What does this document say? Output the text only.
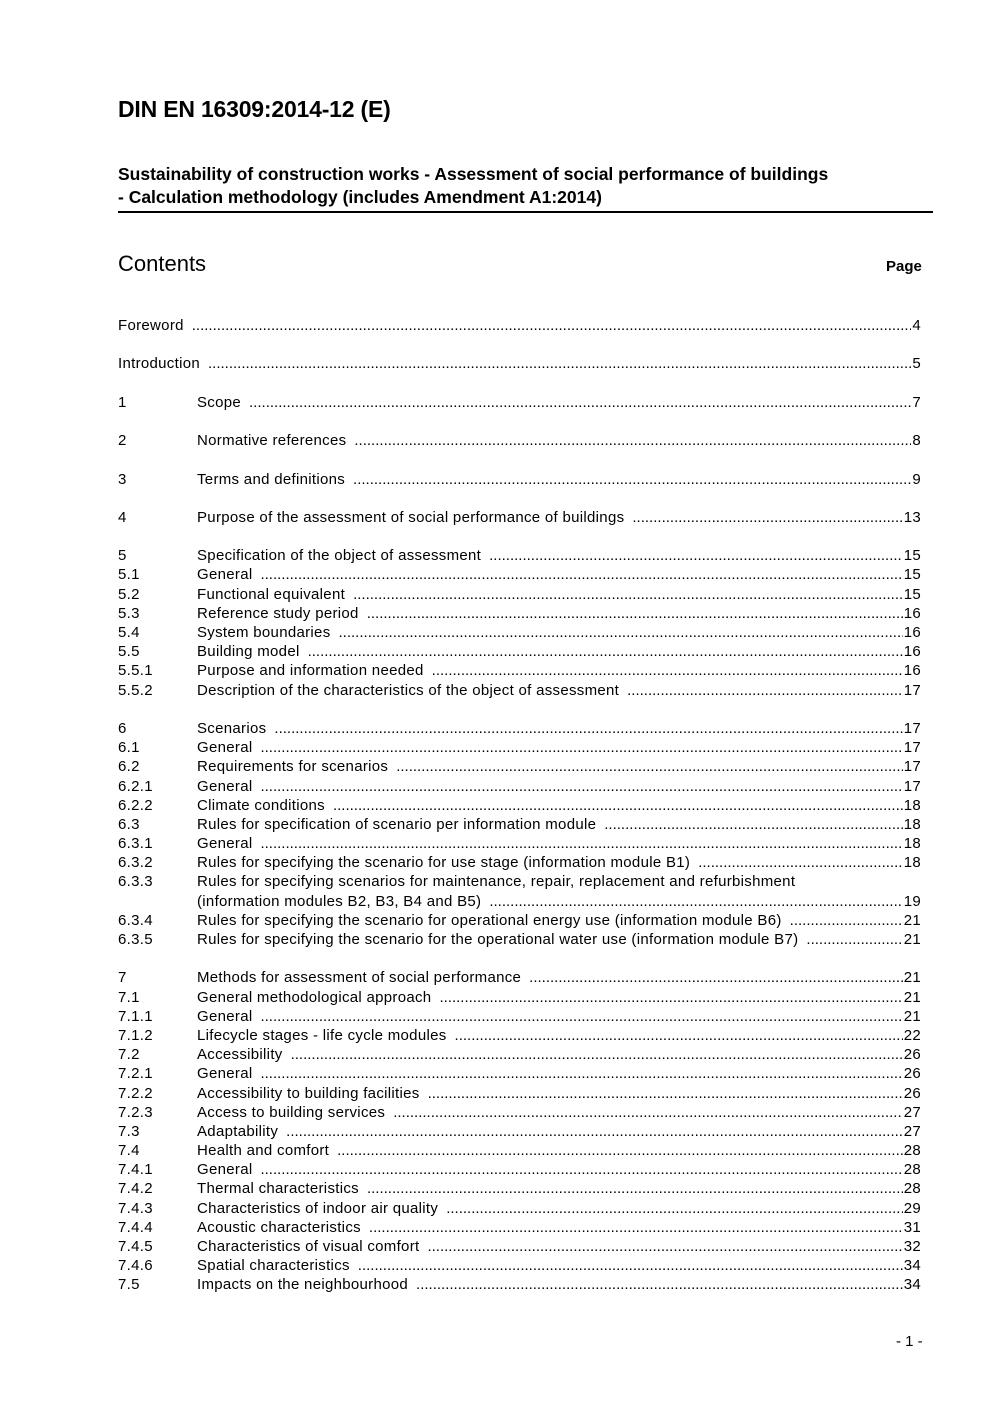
DIN EN 16309:2014-12 (E)
Sustainability of construction works - Assessment of social performance of buildings
- Calculation methodology (includes Amendment A1:2014)
Contents	Page
Foreword .....	4
Introduction .....	5
1	Scope .....	7
2	Normative references .....	8
3	Terms and definitions .....	9
4	Purpose of the assessment of social performance of buildings .....	13
5	Specification of the object of assessment .....	15
5.1	General .....	15
5.2	Functional equivalent .....	15
5.3	Reference study period .....	16
5.4	System boundaries .....	16
5.5	Building model .....	16
5.5.1	Purpose and information needed .....	16
5.5.2	Description of the characteristics of the object of assessment .....	17
6	Scenarios .....	17
6.1	General .....	17
6.2	Requirements for scenarios .....	17
6.2.1	General .....	17
6.2.2	Climate conditions .....	18
6.3	Rules for specification of scenario per information module .....	18
6.3.1	General .....	18
6.3.2	Rules for specifying the scenario for use stage (information module B1) .....	18
6.3.3	Rules for specifying scenarios for maintenance, repair, replacement and refurbishment
(information modules B2, B3, B4 and B5) .....	19
6.3.4	Rules for specifying the scenario for operational energy use (information module B6) .....	21
6.3.5	Rules for specifying the scenario for the operational water use (information module B7) .....	21
7	Methods for assessment of social performance .....	21
7.1	General methodological approach .....	21
7.1.1	General .....	21
7.1.2	Lifecycle stages - life cycle modules .....	22
7.2	Accessibility .....	26
7.2.1	General .....	26
7.2.2	Accessibility to building facilities .....	26
7.2.3	Access to building services .....	27
7.3	Adaptability .....	27
7.4	Health and comfort .....	28
7.4.1	General .....	28
7.4.2	Thermal characteristics .....	28
7.4.3	Characteristics of indoor air quality .....	29
7.4.4	Acoustic characteristics .....	31
7.4.5	Characteristics of visual comfort .....	32
7.4.6	Spatial characteristics .....	34
7.5	Impacts on the neighbourhood .....	34
- 1 -
